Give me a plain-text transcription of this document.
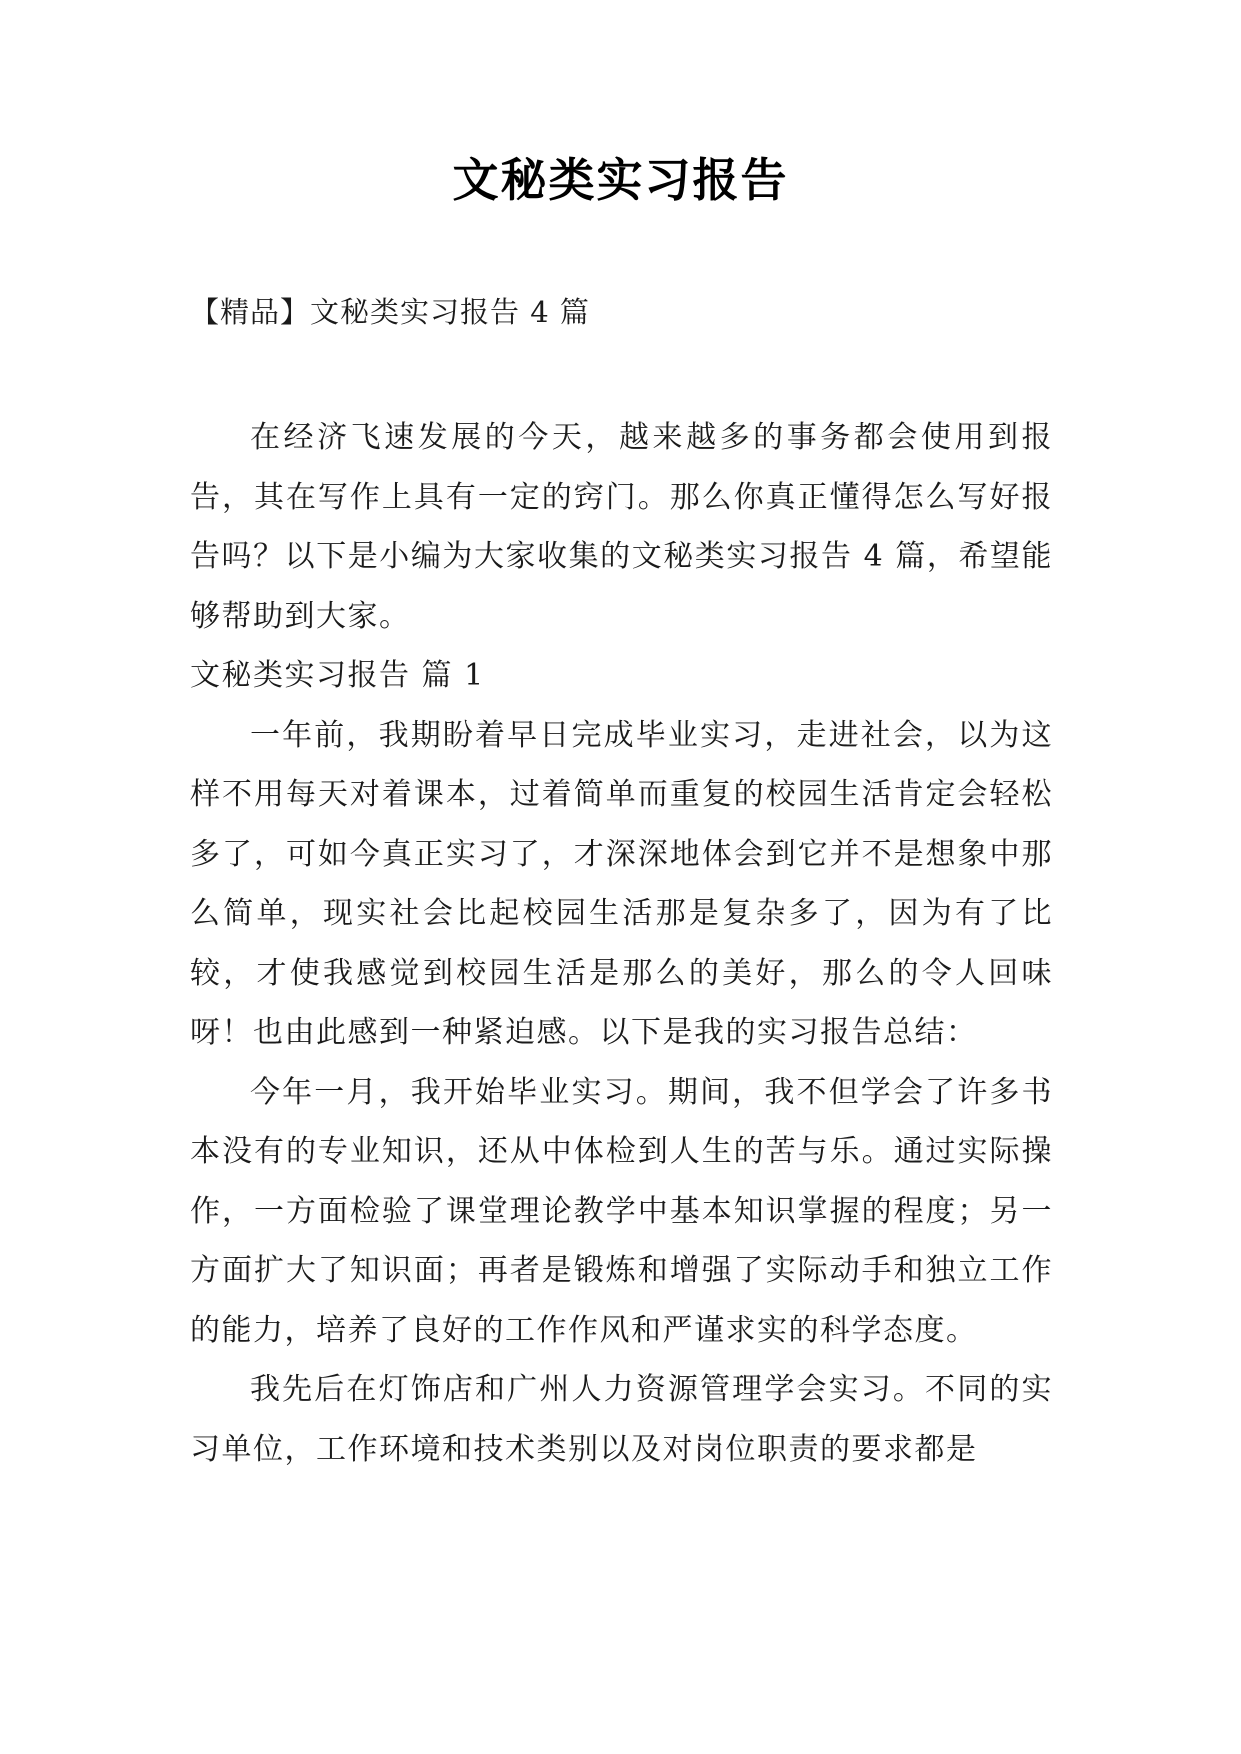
文秘类实习报告
【精品】文秘类实习报告 4 篇

在经济飞速发展的今天，越来越多的事务都会使用到报告，其在写作上具有一定的窍门。那么你真正懂得怎么写好报告吗？以下是小编为大家收集的文秘类实习报告 4 篇，希望能够帮助到大家。

文秘类实习报告 篇 1

一年前，我期盼着早日完成毕业实习，走进社会，以为这样不用每天对着课本，过着简单而重复的校园生活肯定会轻松多了，可如今真正实习了，才深深地体会到它并不是想象中那么简单，现实社会比起校园生活那是复杂多了，因为有了比较，才使我感觉到校园生活是那么的美好，那么的令人回味呀！也由此感到一种紧迫感。以下是我的实习报告总结：

今年一月，我开始毕业实习。期间，我不但学会了许多书本没有的专业知识，还从中体检到人生的苦与乐。通过实际操作，一方面检验了课堂理论教学中基本知识掌握的程度；另一方面扩大了知识面；再者是锻炼和增强了实际动手和独立工作的能力，培养了良好的工作作风和严谨求实的科学态度。

我先后在灯饰店和广州人力资源管理学会实习。不同的实习单位，工作环境和技术类别以及对岗位职责的要求都是
